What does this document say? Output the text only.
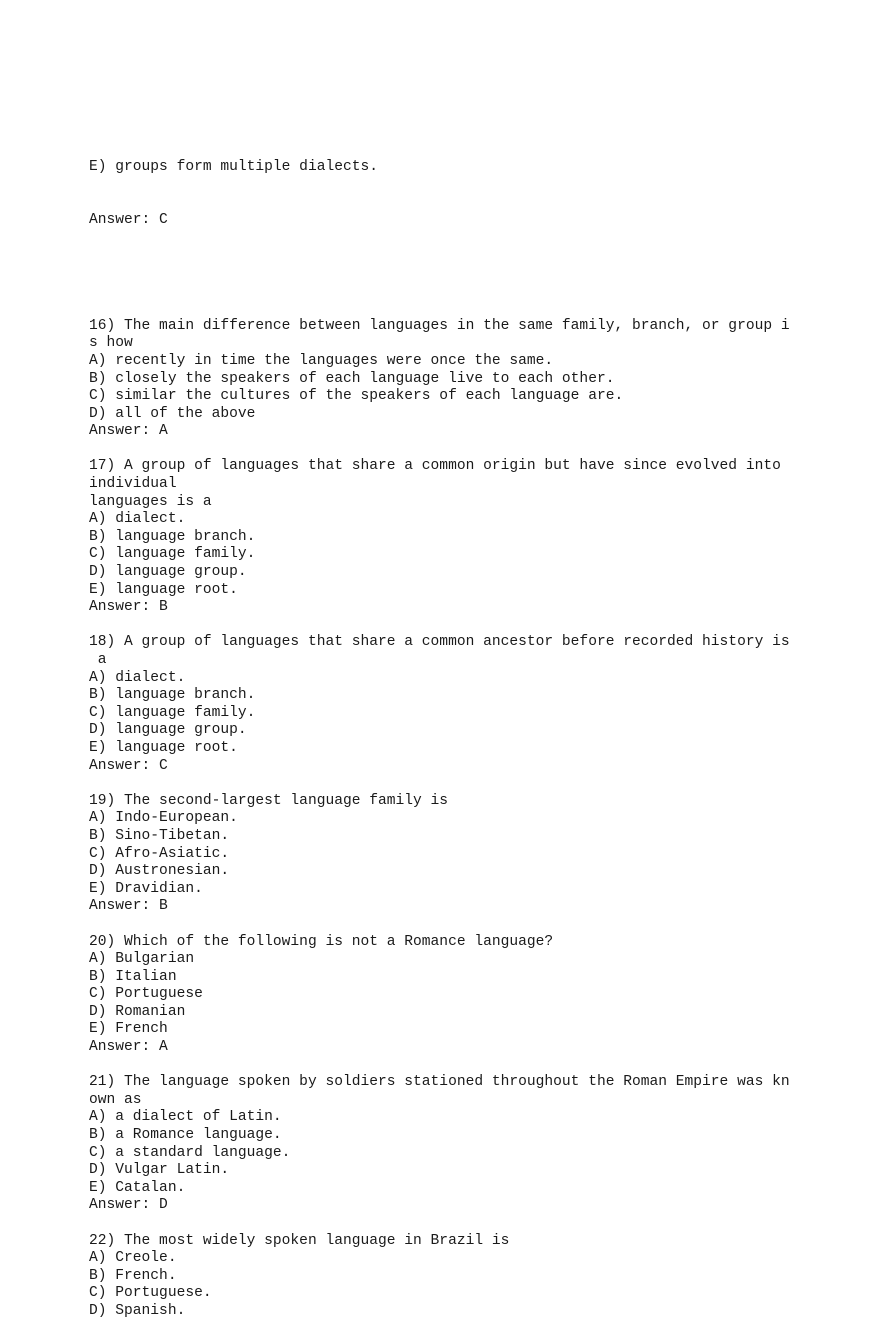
E) groups form multiple dialects.

Answer: C

16) The main difference between languages in the same family, branch, or group i
s how
A) recently in time the languages were once the same.
B) closely the speakers of each language live to each other.
C) similar the cultures of the speakers of each language are.
D) all of the above
Answer: A
17) A group of languages that share a common origin but have since evolved into
individual
languages is a
A) dialect.
B) language branch.
C) language family.
D) language group.
E) language root.
Answer: B
18) A group of languages that share a common ancestor before recorded history is
a
A) dialect.
B) language branch.
C) language family.
D) language group.
E) language root.
Answer: C
19) The second-largest language family is
A) Indo-European.
B) Sino-Tibetan.
C) Afro-Asiatic.
D) Austronesian.
E) Dravidian.
Answer: B
20) Which of the following is not a Romance language?
A) Bulgarian
B) Italian
C) Portuguese
D) Romanian
E) French
Answer: A
21) The language spoken by soldiers stationed throughout the Roman Empire was kn
own as
A) a dialect of Latin.
B) a Romance language.
C) a standard language.
D) Vulgar Latin.
E) Catalan.
Answer: D
22) The most widely spoken language in Brazil is
A) Creole.
B) French.
C) Portuguese.
D) Spanish.
